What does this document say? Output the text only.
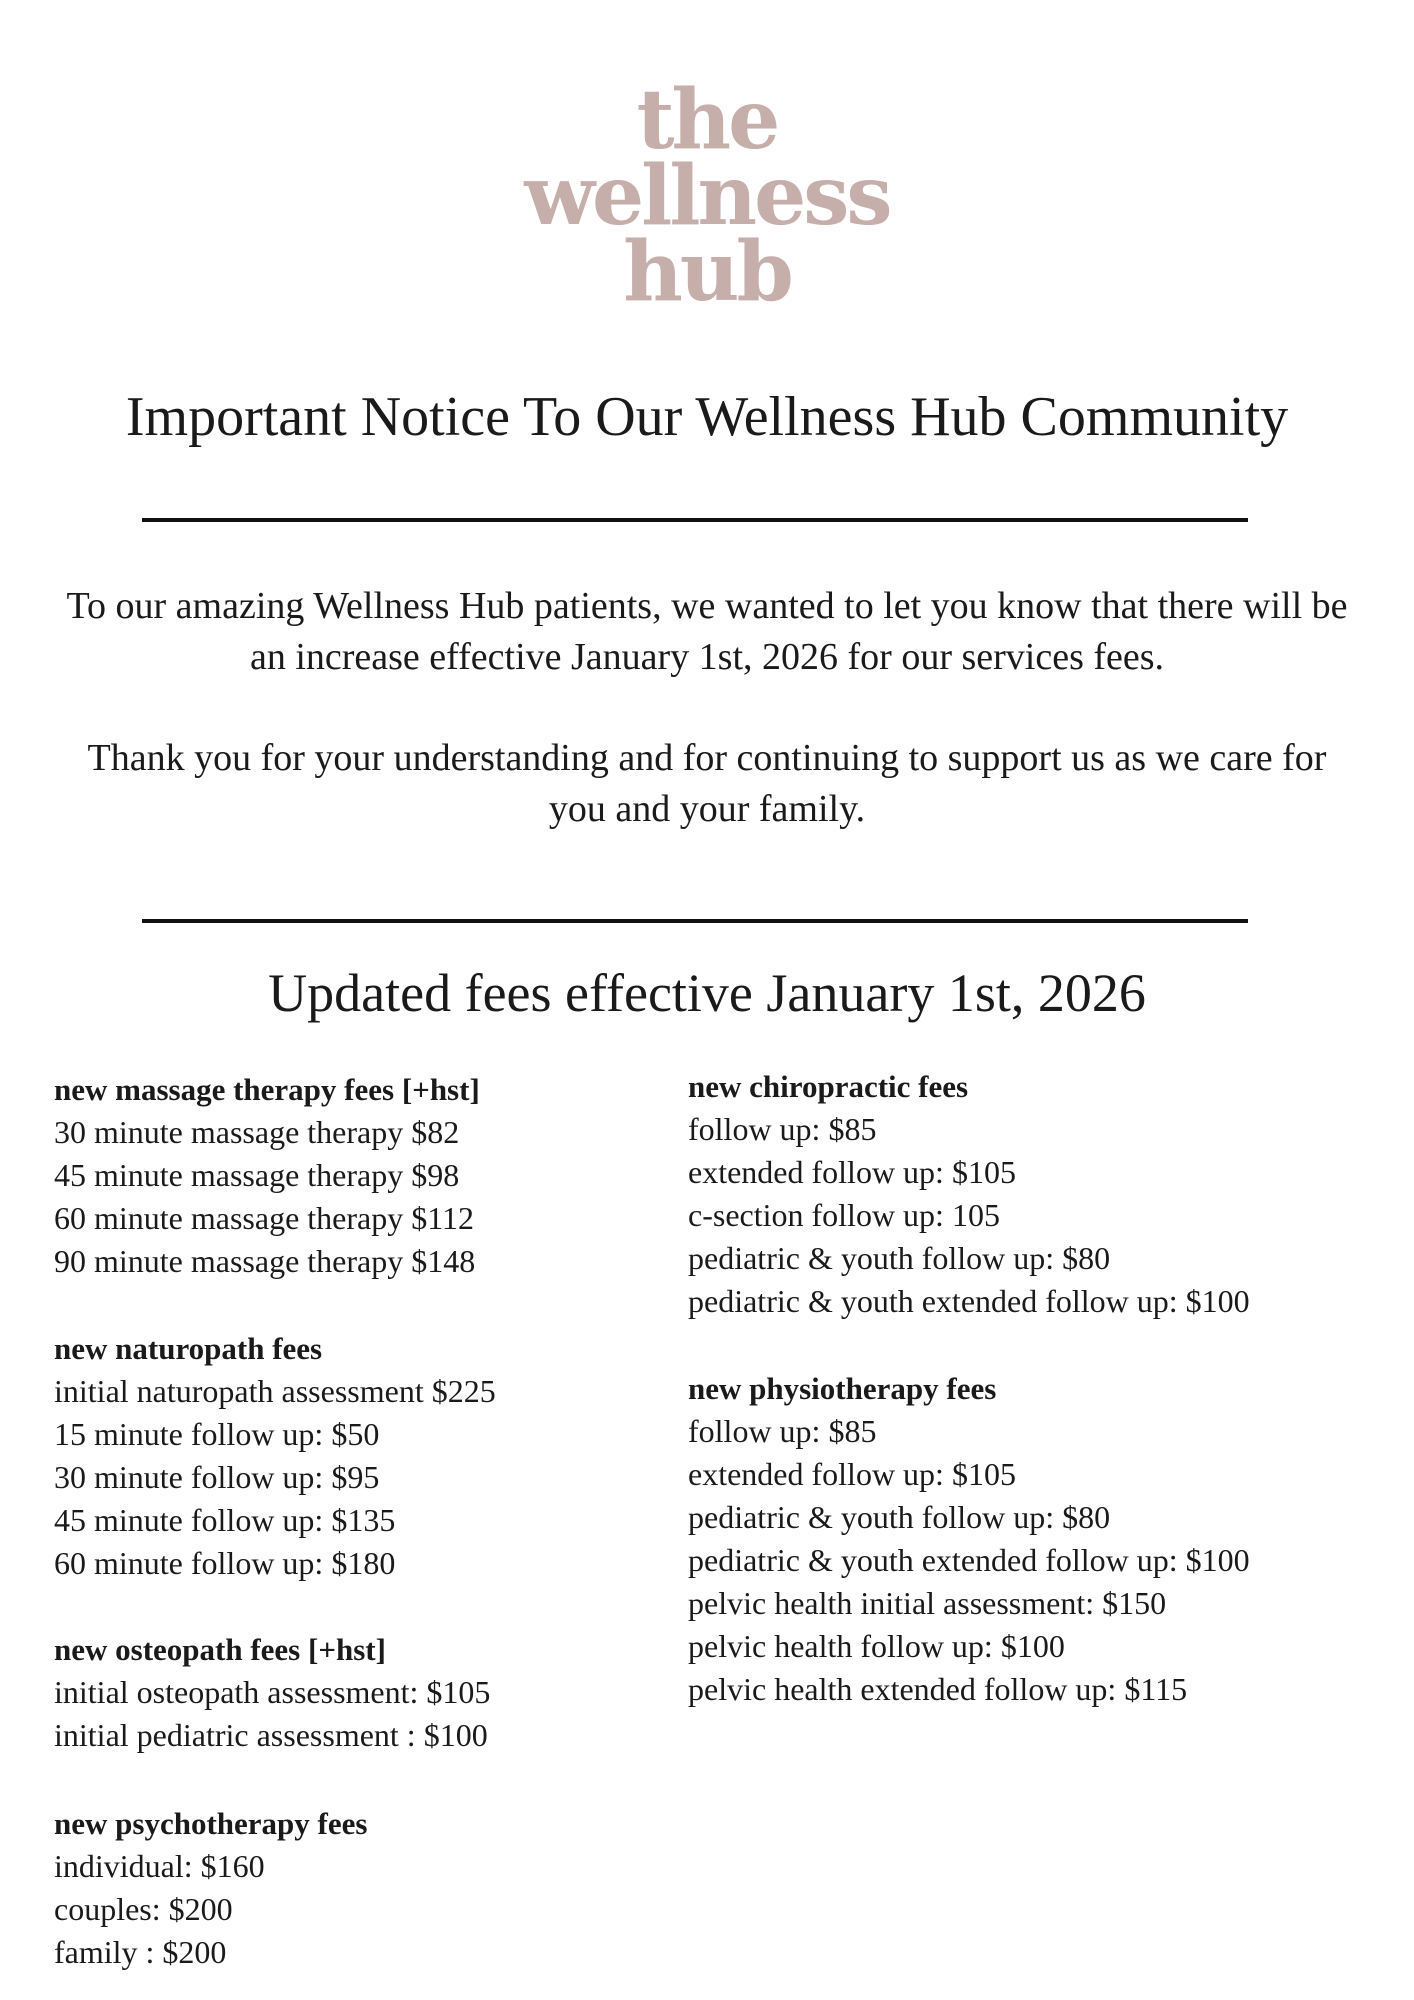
the
wellness
hub
Important Notice To Our Wellness Hub Community

To our amazing Wellness Hub patients, we wanted to let you know that there will be an increase effective January 1st, 2026 for our services fees.

Thank you for your understanding and for continuing to support us as we care for you and your family.

Updated fees effective January 1st, 2026
new massage therapy fees [+hst]
30 minute massage therapy $82
45 minute massage therapy $98
60 minute massage therapy $112
90 minute massage therapy $148
new naturopath fees
initial naturopath assessment $225
15 minute follow up: $50
30 minute follow up: $95
45 minute follow up: $135
60 minute follow up: $180
new osteopath fees [+hst]
initial osteopath assessment: $105
initial pediatric assessment : $100
new psychotherapy fees
individual: $160
couples: $200
family : $200
new chiropractic fees
follow up: $85
extended follow up: $105
c-section follow up: 105
pediatric & youth follow up: $80
pediatric & youth extended follow up: $100
new physiotherapy fees
follow up: $85
extended follow up: $105
pediatric & youth follow up: $80
pediatric & youth extended follow up: $100
pelvic health initial assessment: $150
pelvic health follow up: $100
pelvic health extended follow up: $115
